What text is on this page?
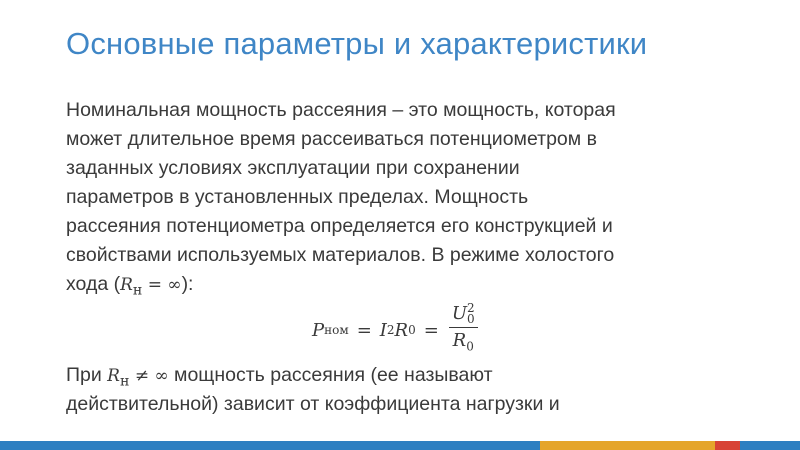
Основные параметры и характеристики
Номинальная мощность рассеяния – это мощность, которая
может длительное время рассеиваться потенциометром в
заданных условиях эксплуатации при сохранении
параметров в установленных пределах. Мощность
рассеяния потенциометра определяется его конструкцией и
свойствами используемых материалов. В режиме холостого
хода ($R_н$ = ∞):
P ном = I 2 R 0 = U 2
0
$R_0$
При $R_н$ ≠ ∞ мощность рассеяния (ее называют
действительной) зависит от коэффициента нагрузки и
